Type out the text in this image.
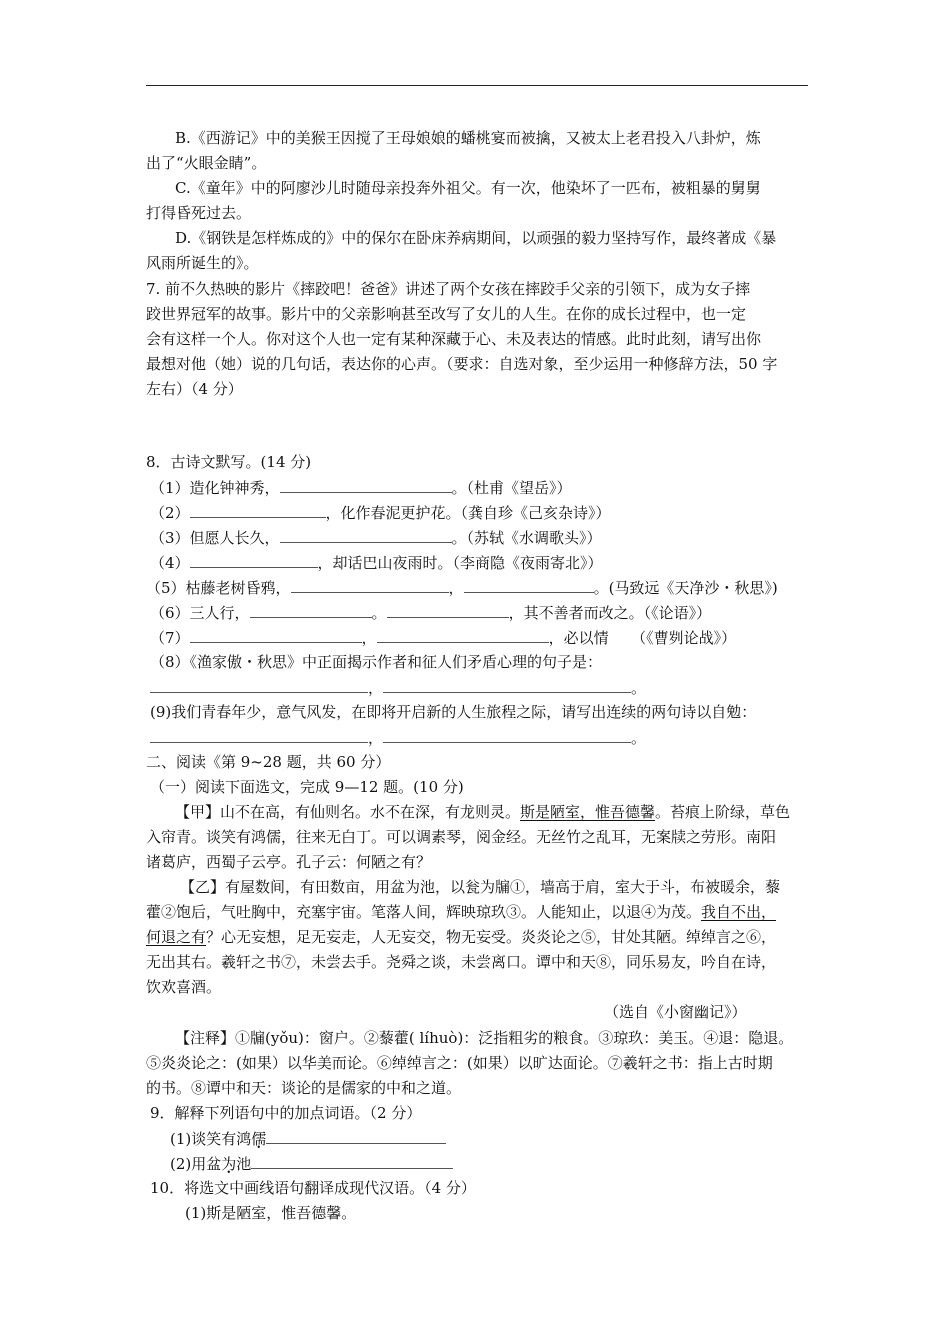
B.《西游记》中的美猴王因搅了王母娘娘的蟠桃宴而被擒，又被太上老君投入八卦炉，炼
出了“火眼金睛”。
C.《童年》中的阿廖沙儿时随母亲投奔外祖父。有一次，他染坏了一匹布，被粗暴的舅舅
打得昏死过去。
D.《钢铁是怎样炼成的》中的保尔在卧床养病期间，以顽强的毅力坚持写作，最终著成《暴
风雨所诞生的》。
7. 前不久热映的影片《摔跤吧！爸爸》讲述了两个女孩在摔跤手父亲的引领下，成为女子摔
跤世界冠军的故事。影片中的父亲影响甚至改写了女儿的人生。在你的成长过程中，也一定
会有这样一个人。你对这个人也一定有某种深藏于心、未及表达的情感。此时此刻，请写出你
最想对他（她）说的几句话，表达你的心声。（要求：自选对象，至少运用一种修辞方法，50 字
左右）（4 分）
8．古诗文默写。(14 分)
（1）造化钟神秀，	。（杜甫《望岳》）
（2）	，化作春泥更护花。（龚自珍《己亥杂诗》）
（3）但愿人长久，	。（苏轼《水调歌头》）
（4）	，却话巴山夜雨时。（李商隐《夜雨寄北》）
（5）枯藤老树昏鸦，	，	。(马致远《天净沙・秋思》)
（6）三人行，	。	，其不善者而改之。（《论语》）
（7）	，	，必以情　　（《曹刿论战》）
（8）《渔家傲・秋思》中正面揭示作者和征人们矛盾心理的句子是：
，	。
(9)我们青春年少，意气风发，在即将开启新的人生旅程之际，请写出连续的两句诗以自勉：
，	。
二、阅读《第 9~28 题，共 60 分）
（一）阅读下面选文，完成 9—12 题。(10 分)
【甲】山不在高，有仙则名。水不在深，有龙则灵。斯是陋室，惟吾德馨。苔痕上阶绿，草色
入帘青。谈笑有鸿儒，往来无白丁。可以调素琴，阅金经。无丝竹之乱耳，无案牍之劳形。南阳
诸葛庐，西蜀子云亭。孔子云：何陋之有？
【乙】有屋数间，有田数亩，用盆为池，以瓮为牖①，墙高于肩，室大于斗，布被暖余，藜
藿②饱后，气吐胸中，充塞宇宙。笔落人间，辉映琼玖③。人能知止，以退④为茂。我自不出，
何退之有？心无妄想，足无妄走，人无妄交，物无妄受。炎炎论之⑤，甘处其陋。绰绰言之⑥，
无出其右。羲轩之书⑦，未尝去手。尧舜之谈，未尝离口。谭中和天⑧，同乐易友，吟自在诗，
饮欢喜酒。
（选自《小窗幽记》）
【注释】①牖(yǒu)：窗户。②藜藿( líhuò)：泛指粗劣的粮食。③琼玖：美玉。④退：隐退。
⑤炎炎论之：(如果）以华美而论。⑥绰绰言之：(如果）以旷达面论。⑦羲轩之书：指上古时期
的书。⑧谭中和天：谈论的是儒家的中和之道。
9．解释下列语句中的加点词语。（2 分）
(1)谈笑有鸿儒
(2)用盆为池
10．将选文中画线语句翻译成现代汉语。（4 分）
(1)斯是陋室，惟吾德馨。
